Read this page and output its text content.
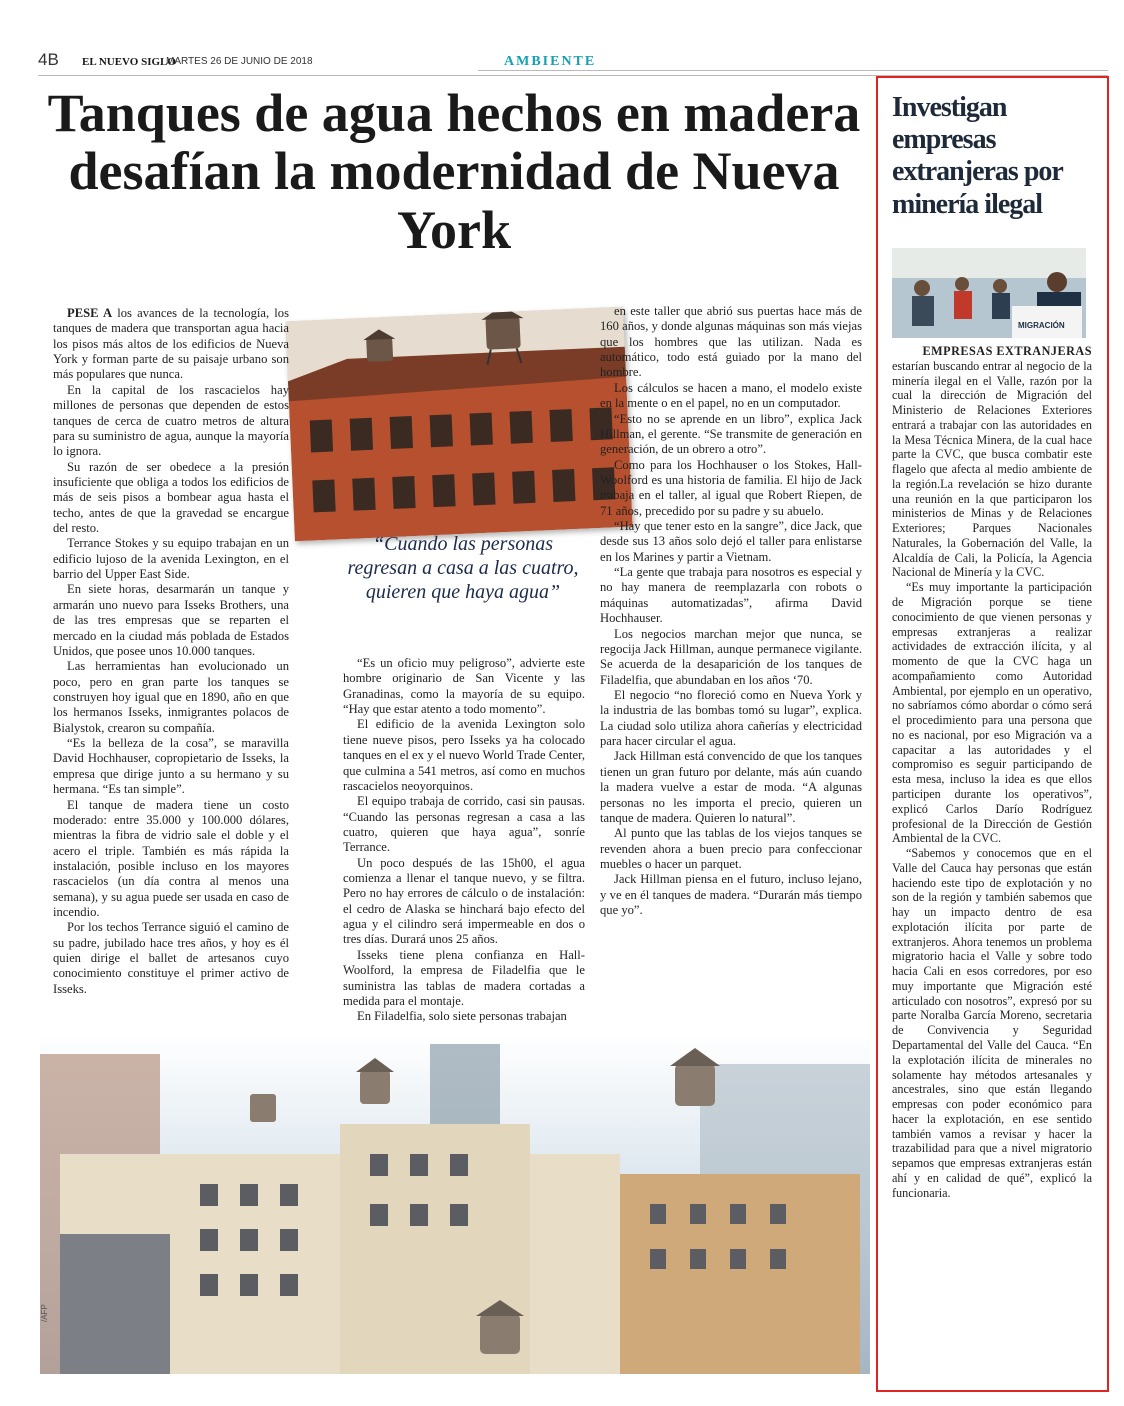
4B EL NUEVO SIGLO
MARTES 26 DE JUNIO DE 2018	AMBIENTE
Tanques de agua hechos en madera desafían la modernidad de Nueva York
“Cuando las personas regresan a casa a las cuatro, quieren que haya agua”

PESE A los avances de la tecnología, los tanques de madera que transportan agua hacia los pisos más altos de los edificios de Nueva York y forman parte de su paisaje urbano son más populares que nunca.

En la capital de los rascacielos hay millones de personas que dependen de estos tanques de cerca de cuatro metros de altura para su suministro de agua, aunque la mayoría lo ignora.

Su razón de ser obedece a la presión insuficiente que obliga a todos los edificios de más de seis pisos a bombear agua hasta el techo, antes de que la gravedad se encargue del resto.

Terrance Stokes y su equipo trabajan en un edificio lujoso de la avenida Lexington, en el barrio del Upper East Side.

En siete horas, desarmarán un tanque y armarán uno nuevo para Isseks Brothers, una de las tres empresas que se reparten el mercado en la ciudad más poblada de Estados Unidos, que posee unos 10.000 tanques.

Las herramientas han evolucionado un poco, pero en gran parte los tanques se construyen hoy igual que en 1890, año en que los hermanos Isseks, inmigrantes polacos de Bialystok, crearon su compañía.

“Es la belleza de la cosa”, se maravilla David Hochhauser, copropietario de Isseks, la empresa que dirige junto a su hermano y su hermana. “Es tan simple”.

El tanque de madera tiene un costo moderado: entre 35.000 y 100.000 dólares, mientras la fibra de vidrio sale el doble y el acero el triple. También es más rápida la instalación, posible incluso en los mayores rascacielos (un día contra al menos una semana), y su agua puede ser usada en caso de incendio.

Por los techos Terrance siguió el camino de su padre, jubilado hace tres años, y hoy es él quien dirige el ballet de artesanos cuyo conocimiento constituye el primer activo de Isseks.

“Es un oficio muy peligroso”, advierte este hombre originario de San Vicente y las Granadinas, como la mayoría de su equipo. “Hay que estar atento a todo momento”.

El edificio de la avenida Lexington solo tiene nueve pisos, pero Isseks ya ha colocado tanques en el ex y el nuevo World Trade Center, que culmina a 541 metros, así como en muchos rascacielos neoyorquinos.

El equipo trabaja de corrido, casi sin pausas. “Cuando las personas regresan a casa a las cuatro, quieren que haya agua”, sonríe Terrance.

Un poco después de las 15h00, el agua comienza a llenar el tanque nuevo, y se filtra. Pero no hay errores de cálculo o de instalación: el cedro de Alaska se hinchará bajo efecto del agua y el cilindro será impermeable en dos o tres días. Durará unos 25 años.

Isseks tiene plena confianza en Hall-Woolford, la empresa de Filadelfia que le suministra las tablas de madera cortadas a medida para el montaje.

En Filadelfia, solo siete personas trabajan

en este taller que abrió sus puertas hace más de 160 años, y donde algunas máquinas son más viejas que los hombres que las utilizan. Nada es automático, todo está guiado por la mano del hombre.

Los cálculos se hacen a mano, el modelo existe en la mente o en el papel, no en un computador.

“Esto no se aprende en un libro”, explica Jack Hillman, el gerente. “Se transmite de generación en generación, de un obrero a otro”.

Como para los Hochhauser o los Stokes, Hall-Woolford es una historia de familia. El hijo de Jack trabaja en el taller, al igual que Robert Riepen, de 71 años, precedido por su padre y su abuelo.

“Hay que tener esto en la sangre”, dice Jack, que desde sus 13 años solo dejó el taller para enlistarse en los Marines y partir a Vietnam.

“La gente que trabaja para nosotros es especial y no hay manera de reemplazarla con robots o máquinas automatizadas”, afirma David Hochhauser.

Los negocios marchan mejor que nunca, se regocija Jack Hillman, aunque permanece vigilante. Se acuerda de la desaparición de los tanques de Filadelfia, que abundaban en los años ‘70.

El negocio “no floreció como en Nueva York y la industria de las bombas tomó su lugar”, explica. La ciudad solo utiliza ahora cañerías y electricidad para hacer circular el agua.

Jack Hillman está convencido de que los tanques tienen un gran futuro por delante, más aún cuando la madera vuelve a estar de moda. “A algunas personas no les importa el precio, quieren un tanque de madera. Quieren lo natural”.

Al punto que las tablas de los viejos tanques se revenden ahora a buen precio para confeccionar muebles o hacer un parquet.

Jack Hillman piensa en el futuro, incluso lejano, y ve en él tanques de madera. “Durarán más tiempo que yo”.

/AFP
Investigan empresas extranjeras por minería ilegal
MIGRACIÓN
EMPRESAS EXTRANJERAS

estarían buscando entrar al negocio de la minería ilegal en el Valle, razón por la cual la dirección de Migración del Ministerio de Relaciones Exteriores entrará a trabajar con las autoridades en la Mesa Técnica Minera, de la cual hace parte la CVC, que busca combatir este flagelo que afecta al medio ambiente de la región.La revelación se hizo durante una reunión en la que participaron los ministerios de Minas y de Relaciones Exteriores; Parques Nacionales Naturales, la Gobernación del Valle, la Alcaldía de Cali, la Policía, la Agencia Nacional de Minería y la CVC.

“Es muy importante la participación de Migración porque se tiene conocimiento de que vienen personas y empresas extranjeras a realizar actividades de extracción ilícita, y al momento de que la CVC haga un acompañamiento como Autoridad Ambiental, por ejemplo en un operativo, no sabríamos cómo abordar o cómo será el procedimiento para una persona que no es nacional, por eso Migración va a capacitar a las autoridades y el compromiso es seguir participando de esta mesa, incluso la idea es que ellos participen durante los operativos”, explicó Carlos Darío Rodríguez profesional de la Dirección de Gestión Ambiental de la CVC.

“Sabemos y conocemos que en el Valle del Cauca hay personas que están haciendo este tipo de explotación y no son de la región y también sabemos que hay un impacto dentro de esa explotación ilícita por parte de extranjeros. Ahora tenemos un problema migratorio hacia el Valle y sobre todo hacia Cali en esos corredores, por eso muy importante que Migración esté articulado con nosotros”, expresó por su parte Noralba García Moreno, secretaria de Convivencia y Seguridad Departamental del Valle del Cauca. “En la explotación ilícita de minerales no solamente hay métodos artesanales y ancestrales, sino que están llegando empresas con poder económico para hacer la explotación, en ese sentido también vamos a revisar y hacer la trazabilidad para que a nivel migratorio sepamos que empresas extranjeras están ahí y en calidad de qué”, explicó la funcionaria.
